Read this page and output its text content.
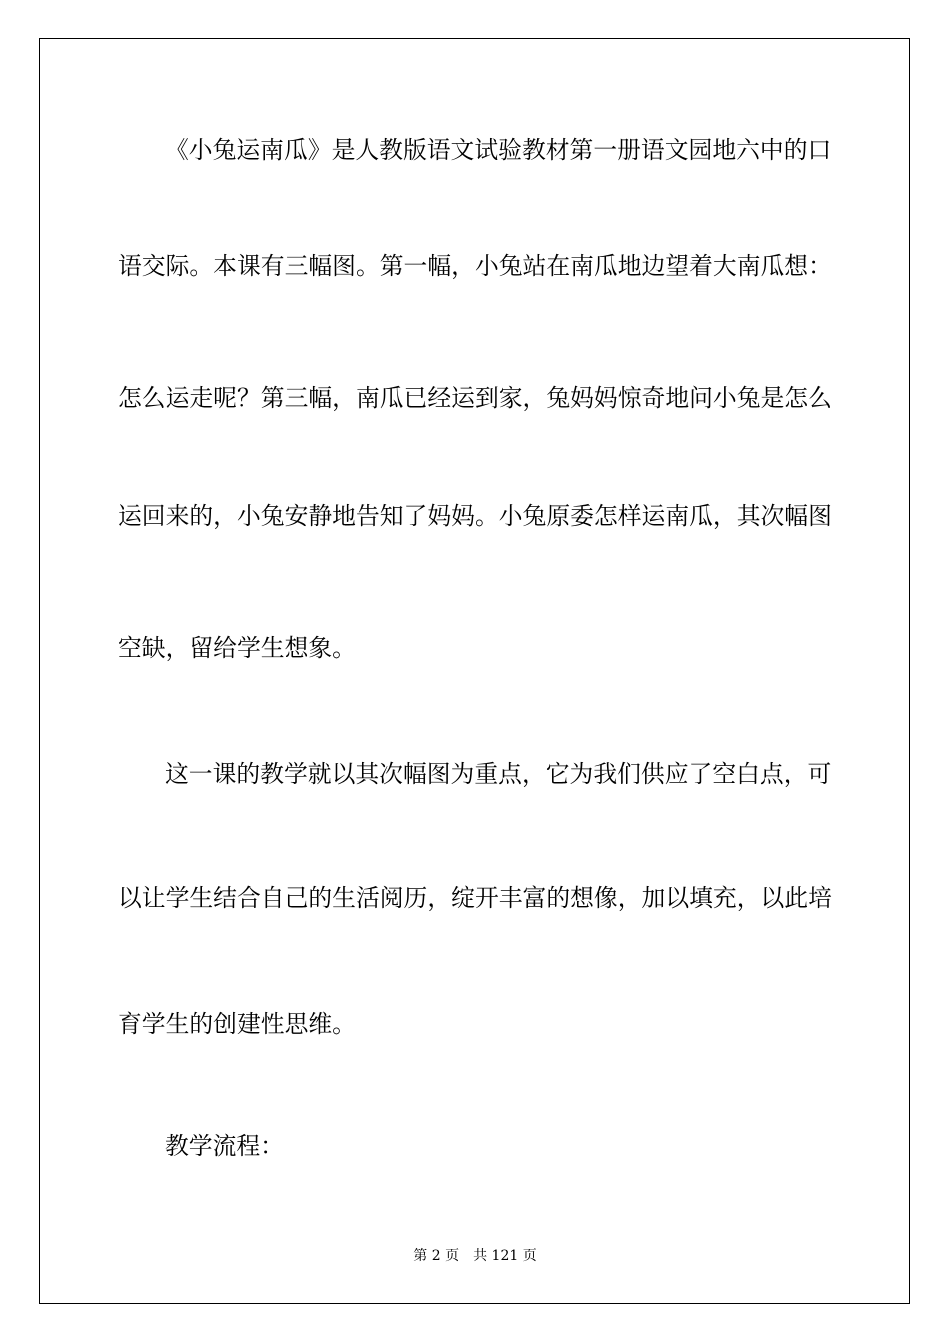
《小兔运南瓜》是人教版语文试验教材第一册语文园地六中的口
语交际。本课有三幅图。第一幅，小兔站在南瓜地边望着大南瓜想：
怎么运走呢？第三幅，南瓜已经运到家，兔妈妈惊奇地问小兔是怎么
运回来的，小兔安静地告知了妈妈。小兔原委怎样运南瓜，其次幅图
空缺，留给学生想象。
这一课的教学就以其次幅图为重点，它为我们供应了空白点，可
以让学生结合自己的生活阅历，绽开丰富的想像，加以填充，以此培
育学生的创建性思维。
教学流程：
第 2 页 共 121 页
